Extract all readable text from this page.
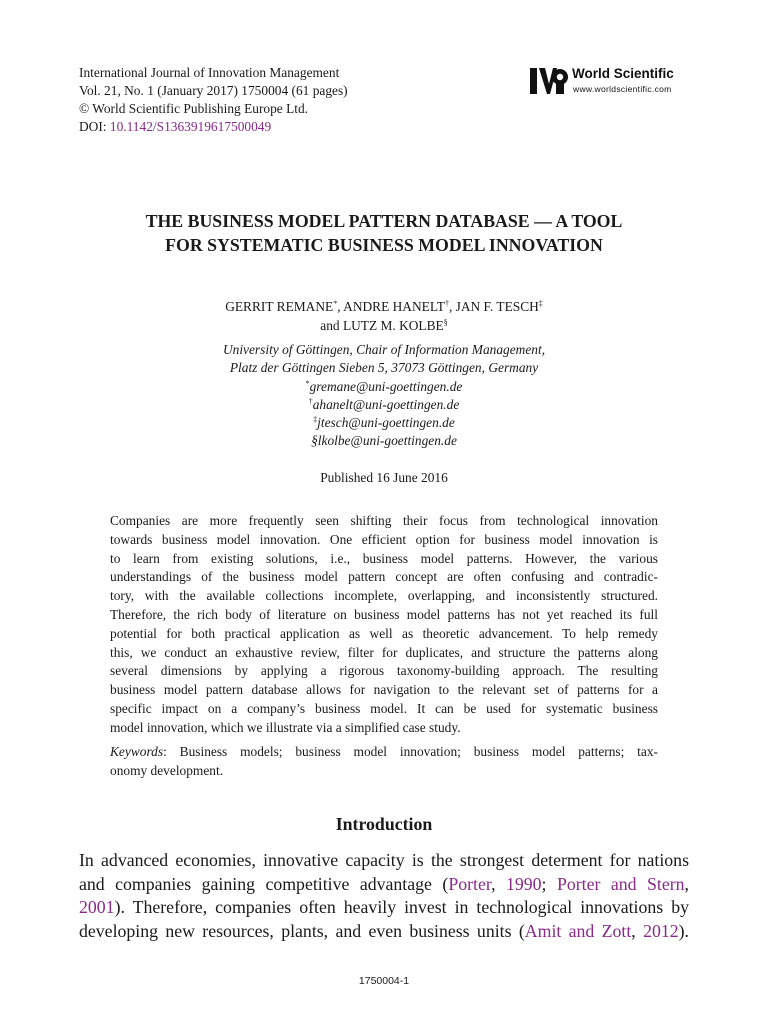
International Journal of Innovation Management
Vol. 21, No. 1 (January 2017) 1750004 (61 pages)
© World Scientific Publishing Europe Ltd.
DOI: 10.1142/S1363919617500049
World Scientific
www.worldscientific.com
THE BUSINESS MODEL PATTERN DATABASE — A TOOL
FOR SYSTEMATIC BUSINESS MODEL INNOVATION
GERRIT REMANE*, ANDRE HANELT†, JAN F. TESCH‡
and LUTZ M. KOLBE§
University of Göttingen, Chair of Information Management,
Platz der Göttingen Sieben 5, 37073 Göttingen, Germany
*gremane@uni-goettingen.de
†ahanelt@uni-goettingen.de
‡jtesch@uni-goettingen.de
§lkolbe@uni-goettingen.de
Published 16 June 2016
Companies are more frequently seen shifting their focus from technological innovation
towards business model innovation. One efficient option for business model innovation is
to learn from existing solutions, i.e., business model patterns. However, the various
understandings of the business model pattern concept are often confusing and contradic-
tory, with the available collections incomplete, overlapping, and inconsistently structured.
Therefore, the rich body of literature on business model patterns has not yet reached its full
potential for both practical application as well as theoretic advancement. To help remedy
this, we conduct an exhaustive review, filter for duplicates, and structure the patterns along
several dimensions by applying a rigorous taxonomy-building approach. The resulting
business model pattern database allows for navigation to the relevant set of patterns for a
specific impact on a company’s business model. It can be used for systematic business
model innovation, which we illustrate via a simplified case study.
Keywords: Business models; business model innovation; business model patterns; tax-
onomy development.
Introduction
In advanced economies, innovative capacity is the strongest determent for nations
and companies gaining competitive advantage (Porter, 1990; Porter and Stern,
2001). Therefore, companies often heavily invest in technological innovations by
developing new resources, plants, and even business units (Amit and Zott, 2012).
1750004-1
